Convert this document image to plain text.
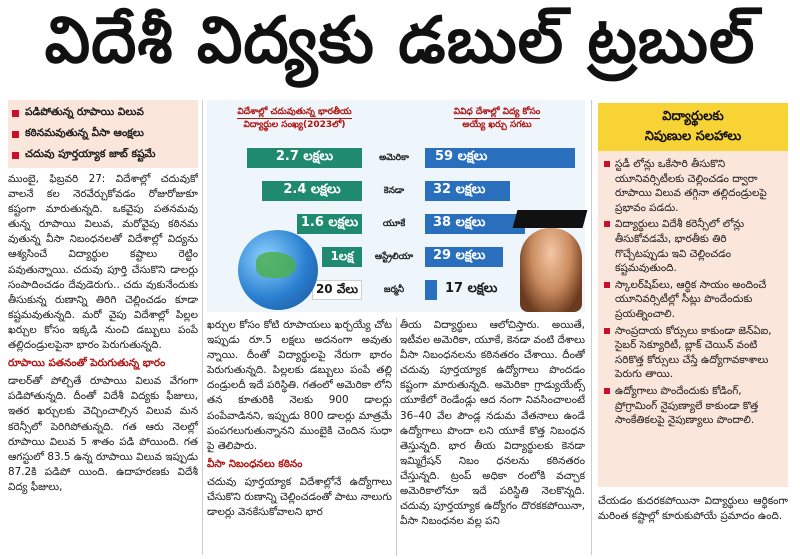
విదేశీ విద్యకు డబుల్ ట్రబుల్
పడిపోతున్న రూపాయి విలువ
కఠినమవుతున్న వీసా ఆంక్షలు
చదువు పూర్తయ్యాక జాబ్ కష్టమే

ముంబై, ఫిబ్రవరి 27: విదేశాల్లో చదువుకో వాలనే కల నెరవేర్చుకోవడం రోజురోజుకూ కష్టంగా మారుతున్నది. ఒకవైపు పతనమవు తున్న రూపాయి విలువ, మరోవైపు కఠినమ వుతున్న వీసా నిబంధనలతో విదేశాల్లో విద్యను ఆశ్యసించే విద్యార్థుల కష్టాలు రెట్టిం పవుతున్నాయి. చదువు పూర్తి చేసుకొని డాలర్లు సంపాదించడం దేవుడెరుగు.. చదు వుకునేందుకు తీసుకున్న రుణాన్ని తిరిగి చెల్లించడం కూడా కష్టమవుతున్నది. మరో వైపు విదేశాల్లో పిల్లల ఖర్చుల కోసం ఇక్కడి నుంచి డబ్బులు పంపే తల్లిదండ్రులపైనా భారం పెరుగుతున్నది.

రూపాయి పతనంతో పెరుగుతున్న భారం

డాలర్‌తో పోల్చితే రూపాయి విలువ వేగంగా పడిపోతున్నది. దీంతో విదేశీ విద్యకు ఫీజులు, ఇతర ఖర్చులకు వెచ్చించాల్సిన విలువ మన కరెన్సీలో పెరిగిపోతున్నది. గత ఆరు నెలల్లో రూపాయి విలువ 5 శాతం పడి పోయింది. గత ఆగస్టులో 83.5 ఉన్న రూపాయి విలువ ఇప్పుడు 87.2కి పడిపో యింది. ఉదాహరణకు విదేశీ విద్య ఫీజులు,

విదేశాల్లో చదువుతున్న భారతీయ
విద్యార్థుల సంఖ్య(2023లో)
వివిధ దేశాల్లో విద్య కోసం
అయ్యే ఖర్చు సగటు
2.7 లక్షలు	అమెరికా	59 లక్షలు
2.4 లక్షలు	కెనడా	32 లక్షలు
1.6 లక్షలు	యూకే	38 లక్షలు
1లక్ష	ఆస్ట్రేలియా	29 లక్షలు
20 వేలు	జర్మనీ	17 లక్షలు

ఖర్చుల కోసం కోటి రూపాయలు ఖర్చయ్యే చోట ఇప్పుడు రూ.5 లక్షలు అదనంగా అవుతు న్నాయి. దీంతో విద్యార్థులపై నేరుగా భారం పెరుగుతున్నది. పిల్లలకు డబ్బులు పంపే తల్లి దండ్రులదీ ఇదే పరిస్థితి. గతంలో అమెరికా లోని తన కూతురికి నెలకు 900 డాలర్లు పంపేవాడినని, ఇప్పుడు 800 డాలర్లు మాత్రమే పంపగలుగుతున్నానని ముంబైకి చెందిన సుధా పై తెలిపారు.

వీసా నిబంధనలు కఠినం

చదువు పూర్తయ్యాక విదేశాల్లోనే ఉద్యోగాలు చేసుకొని రుణాన్ని చెల్లించడంతో పాటు నాలుగు డాలర్లు వెనకేసుకోవాలని భార

తీయ విద్యార్థులు ఆలోచిస్తారు. అయితే, ఇటీవల అమెరికా, యూకే, కెనడా వంటి దేశాలు వీసా నిబంధనలను కఠినతరం చేశాయి. దీంతో చదువు పూర్తయ్యాక ఉద్యోగాలు పొందడం కష్టంగా మారుతున్నది. అమెరికా గ్రాడ్యుయేట్స్ యూకేలో రెండేండ్లు ఆద నంగా నివసించాలంటే 36–40 వేల పౌండ్ల నడుమ వేతనాలు ఉండే ఉద్యోగాలు పొందా లని యూకే కొత్త నిబంధన తెస్తున్నది. భార తీయ విద్యార్థులకు కెనడా ఇమ్మిగ్రేషన్ నిబం ధనలను కఠినతరం చేస్తున్నది. ట్రంప్ అధికా రంలోకి వచ్చాక అమెరికాలోనూ ఇదే పరిస్థితి నెలకొన్నది. చదువు పూర్తయ్యాక ఉద్యోగం దొరకకపోయినా, వీసా నిబంధనల వల్ల పని

విద్యార్థులకు
నిపుణుల సలహాలు
స్టడీ లోన్లు ఒకేసారి తీసుకొని యూనివర్సిటీలకు చెల్లించడం ద్వారా రూపాయి విలువ తగ్గినా తల్లిదండ్రులపై ప్రభావం పడదు.
విద్యార్థులు విదేశీ కరెన్సీలో లోన్లు తీసుకోవడమే, భారతీకు తిరి గొచ్చేటప్పుడు ఇవి చెల్లించడం కష్టమవుతుంది.
స్కాలర్‌షిప్‌లు, ఆర్థిక సాయం అందించే యూనివర్సిటీల్లో సీట్లు పొందేందుకు ప్రయత్నించాలి.
సాంప్రదాయ కోర్సులు కాకుండా జెన్ఏఐ, సైబర్ సెక్యూరిటీ, బ్లాక్ చెయిన్ వంటి సరికొత్త కోర్సులు చేస్తే ఉద్యోగావకాశాలు పెరుగు తాయి.
ఉద్యోగాలు పొందేందుకు కోడింగ్, ప్రోగ్రామింగ్ నైపుణ్యాలే కాకుండా కొత్త సాంకేతికలపై నైపుణ్యాలు పొందాలి.
చేయడం కుదరకపోయినా విద్యార్థులు ఆర్థికంగా మరింత కష్టాల్లో కూరుకుపోయే ప్రమాదం ఉంది.
